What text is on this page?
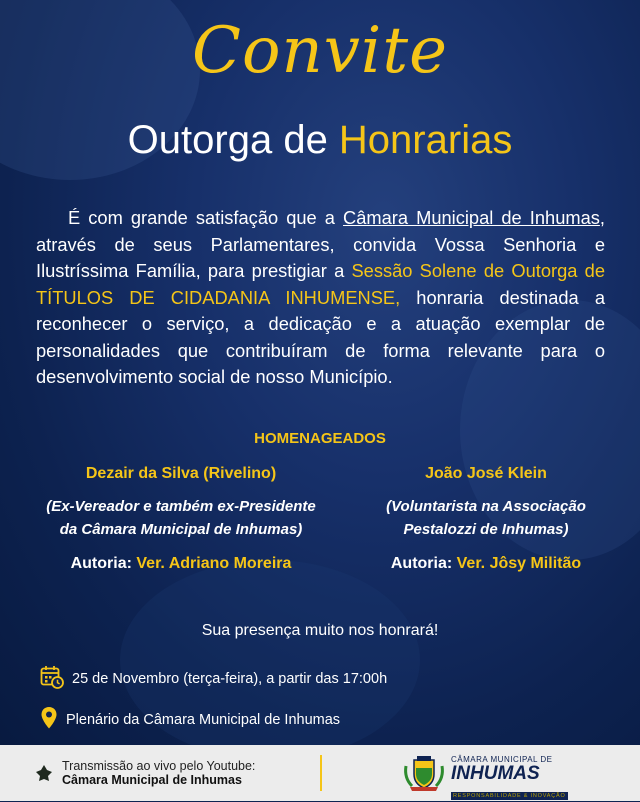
Convite
Outorga de Honrarias
É com grande satisfação que a Câmara Municipal de Inhumas, através de seus Parlamentares, convida Vossa Senhoria e Ilustríssima Família, para prestigiar a Sessão Solene de Outorga de TÍTULOS DE CIDADANIA INHUMENSE, honraria destinada a reconhecer o serviço, a dedicação e a atuação exemplar de personalidades que contribuíram de forma relevante para o desenvolvimento social de nosso Município.
HOMENAGEADOS
Dezair da Silva (Rivelino)
(Ex-Vereador e também ex-Presidente da Câmara Municipal de Inhumas)
Autoria: Ver. Adriano Moreira
João José Klein
(Voluntarista na Associação Pestalozzi de Inhumas)
Autoria: Ver. Jôsy Militão
Sua presença muito nos honrará!
25 de Novembro (terça-feira), a partir das 17:00h
Plenário da Câmara Municipal de Inhumas
Transmissão ao vivo pelo Youtube:
Câmara Municipal de Inhumas
CÂMARA MUNICIPAL DE
INHUMAS
RESPONSABILIDADE & INOVAÇÃO
